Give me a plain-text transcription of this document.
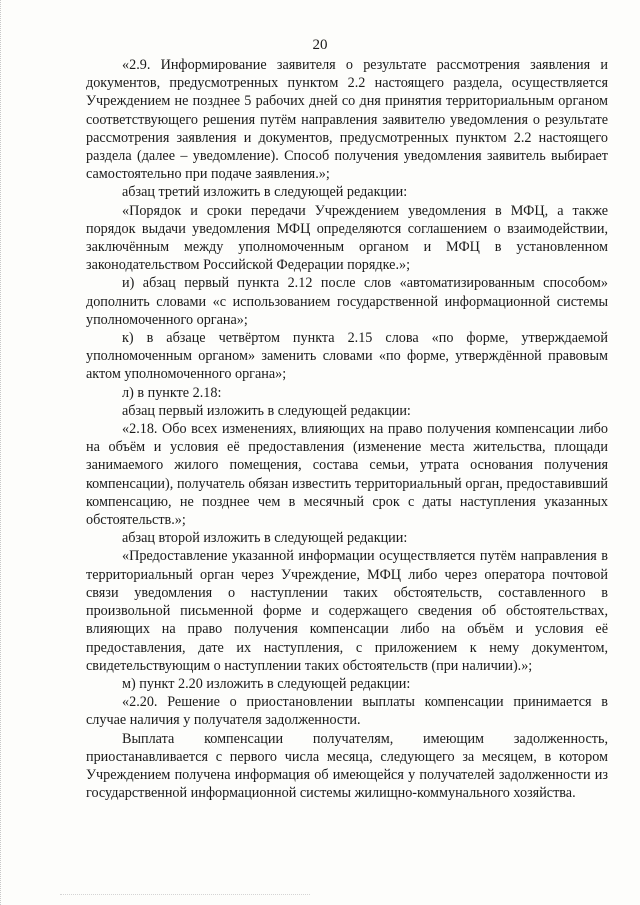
20

«2.9. Информирование заявителя о результате рассмотрения заявления и документов, предусмотренных пунктом 2.2 настоящего раздела, осуществляется Учреждением не позднее 5 рабочих дней со дня принятия территориальным органом соответствующего решения путём направления заявителю уведомления о результате рассмотрения заявления и документов, предусмотренных пунктом 2.2 настоящего раздела (далее – уведомление). Способ получения уведомления заявитель выбирает самостоятельно при подаче заявления.»;

абзац третий изложить в следующей редакции:

«Порядок и сроки передачи Учреждением уведомления в МФЦ, а также порядок выдачи уведомления МФЦ определяются соглашением о взаимодействии, заключённым между уполномоченным органом и МФЦ в установленном законодательством Российской Федерации порядке.»;

и) абзац первый пункта 2.12 после слов «автоматизированным способом» дополнить словами «с использованием государственной информационной системы уполномоченного органа»;

к) в абзаце четвёртом пункта 2.15 слова «по форме, утверждаемой уполномоченным органом» заменить словами «по форме, утверждённой правовым актом уполномоченного органа»;

л) в пункте 2.18:

абзац первый изложить в следующей редакции:

«2.18. Обо всех изменениях, влияющих на право получения компенсации либо на объём и условия её предоставления (изменение места жительства, площади занимаемого жилого помещения, состава семьи, утрата основания получения компенсации), получатель обязан известить территориальный орган, предоставивший компенсацию, не позднее чем в месячный срок с даты наступления указанных обстоятельств.»;

абзац второй изложить в следующей редакции:

«Предоставление указанной информации осуществляется путём направления в территориальный орган через Учреждение, МФЦ либо через оператора почтовой связи уведомления о наступлении таких обстоятельств, составленного в произвольной письменной форме и содержащего сведения об обстоятельствах, влияющих на право получения компенсации либо на объём и условия её предоставления, дате их наступления, с приложением к нему документом, свидетельствующим о наступлении таких обстоятельств (при наличии).»;

м) пункт 2.20 изложить в следующей редакции:

«2.20. Решение о приостановлении выплаты компенсации принимается в случае наличия у получателя задолженности.

Выплата компенсации получателям, имеющим задолженность, приостанавливается с первого числа месяца, следующего за месяцем, в котором Учреждением получена информация об имеющейся у получателей задолженности из государственной информационной системы жилищно-коммунального хозяйства.
